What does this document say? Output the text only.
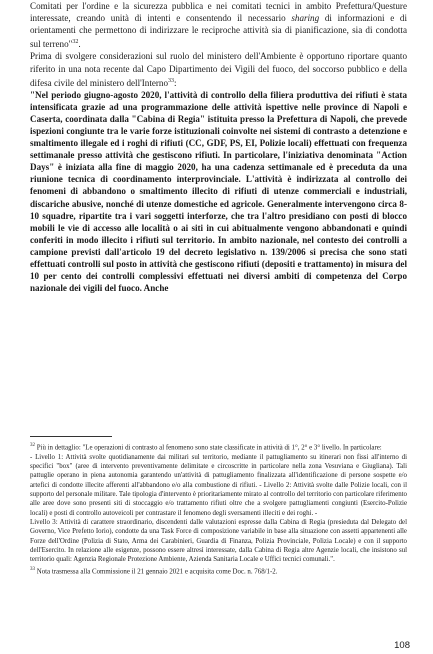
Comitati per l'ordine e la sicurezza pubblica e nei comitati tecnici in ambito Prefettura/Questure interessate, creando unità di intenti e consentendo il necessario sharing di informazioni e di orientamenti che permettono di indirizzare le reciproche attività sia di pianificazione, sia di condotta sul terreno"$^{32}$.

Prima di svolgere considerazioni sul ruolo del ministero dell'Ambiente è opportuno riportare quanto riferito in una nota recente dal Capo Dipartimento dei Vigili del fuoco, del soccorso pubblico e della difesa civile del ministero dell'Interno$^{33}$:

"Nel periodo giugno-agosto 2020, l'attività di controllo della filiera produttiva dei rifiuti è stata intensificata grazie ad una programmazione delle attività ispettive nelle province di Napoli e Caserta, coordinata dalla "Cabina di Regia" istituita presso la Prefettura di Napoli, che prevede ispezioni congiunte tra le varie forze istituzionali coinvolte nei sistemi di contrasto a detenzione e smaltimento illegale ed i roghi di rifiuti (CC, GDF, PS, EI, Polizie locali) effettuati con frequenza settimanale presso attività che gestiscono rifiuti. In particolare, l'iniziativa denominata "Action Days" è iniziata alla fine di maggio 2020, ha una cadenza settimanale ed è preceduta da una riunione tecnica di coordinamento interprovinciale. L'attività è indirizzata al controllo dei fenomeni di abbandono o smaltimento illecito di rifiuti di utenze commerciali e industriali, discariche abusive, nonché di utenze domestiche ed agricole. Generalmente intervengono circa 8-10 squadre, ripartite tra i vari soggetti interforze, che tra l'altro presidiano con posti di blocco mobili le vie di accesso alle località o ai siti in cui abitualmente vengono abbandonati e quindi conferiti in modo illecito i rifiuti sul territorio. In ambito nazionale, nel contesto dei controlli a campione previsti dall'articolo 19 del decreto legislativo n. 139/2006 si precisa che sono stati effettuati controlli sul posto in attività che gestiscono rifiuti (depositi e trattamento) in misura del 10 per cento dei controlli complessivi effettuati nei diversi ambiti di competenza del Corpo nazionale dei vigili del fuoco. Anche

$^{32}$ Più in dettaglio: "Le operazioni di contrasto al fenomeno sono state classificate in attività di 1°, 2° e 3° livello. In particolare:

- Livello 1: Attività svolte quotidianamente dai militari sul territorio, mediante il pattugliamento su itinerari non fissi all'interno di specifici "box" (aree di intervento preventivamente delimitate e circoscritte in particolare nella zona Vesuviana e Giugliana). Tali pattuglie operano in piena autonomia garantendo un'attività di pattugliamento finalizzata all'identificazione di persone sospette e/o artefici di condotte illecite afferenti all'abbandono e/o alla combustione di rifiuti. - Livello 2: Attività svolte dalle Polizie locali, con il supporto del personale militare. Tale tipologia d'intervento è prioritariamente mirato al controllo del territorio con particolare riferimento alle aree dove sono presenti siti di stoccaggio e/o trattamento rifiuti oltre che a svolgere pattugliamenti congiunti (Esercito-Polizie locali) e posti di controllo autoveicoli per contrastare il fenomeno degli sversamenti illeciti e dei roghi. -

Livello 3: Attività di carattere straordinario, discendenti dalle valutazioni espresse dalla Cabina di Regia (presieduta dal Delegato del Governo, Vice Prefetto Iorio), condotte da una Task Force di composizione variabile in base alla situazione con assetti appartenenti alle Forze dell'Ordine (Polizia di Stato, Arma dei Carabinieri, Guardia di Finanza, Polizia Provinciale, Polizia Locale) e con il supporto dell'Esercito. In relazione alle esigenze, possono essere altresì interessate, dalla Cabina di Regia altre Agenzie locali, che insistono sul territorio quali: Agenzia Regionale Protezione Ambiente, Azienda Sanitaria Locale e Uffici tecnici comunali.".

$^{33}$ Nota trasmessa alla Commissione il 21 gennaio 2021 e acquisita come Doc. n. 768/1-2.

108
